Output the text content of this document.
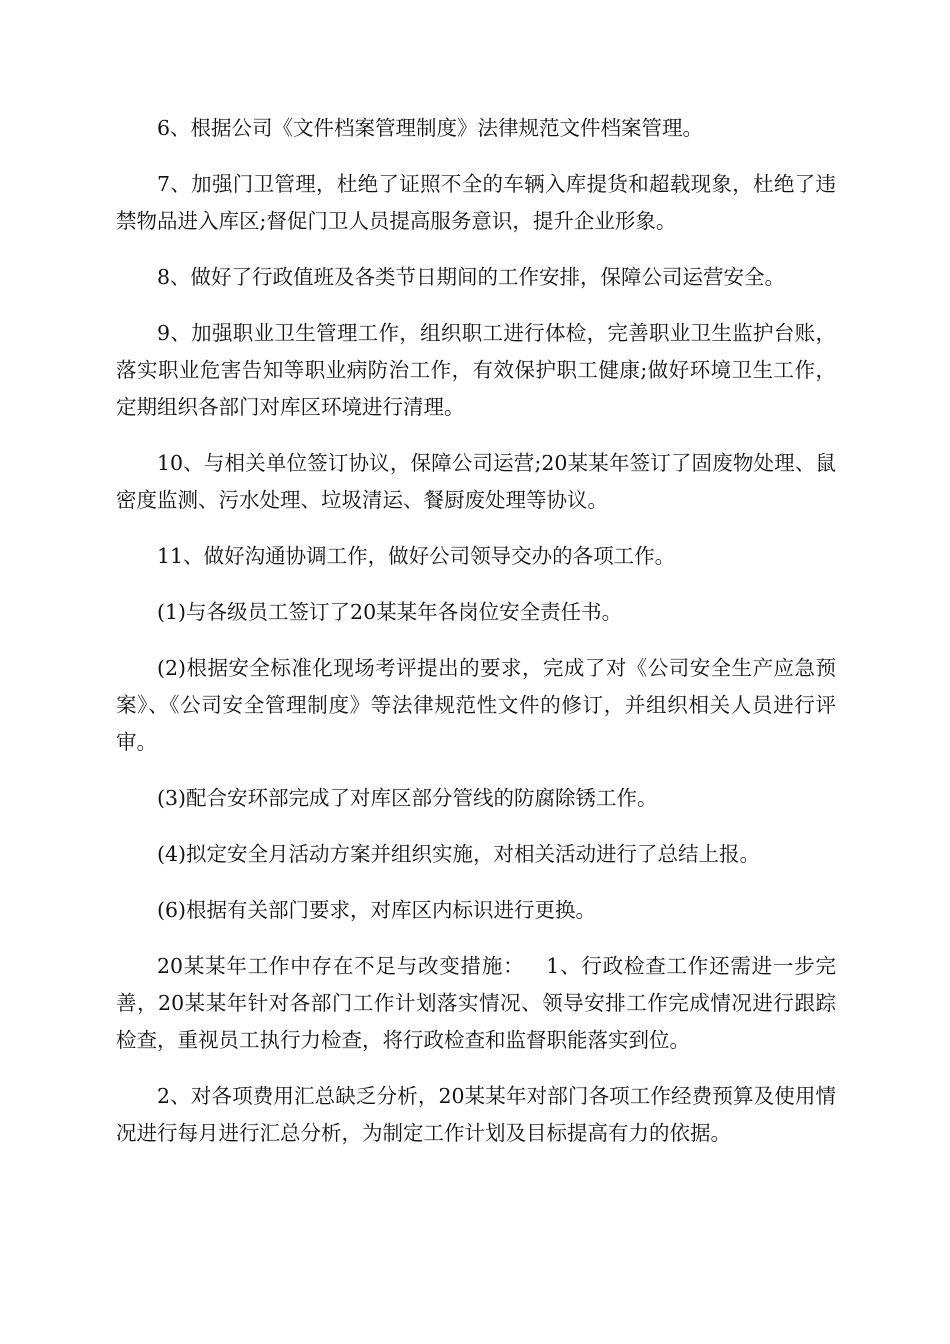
6、根据公司《文件档案管理制度》法律规范文件档案管理。

7、加强门卫管理，杜绝了证照不全的车辆入库提货和超载现象，杜绝了违禁物品进入库区;督促门卫人员提高服务意识，提升企业形象。

8、做好了行政值班及各类节日期间的工作安排，保障公司运营安全。

9、加强职业卫生管理工作，组织职工进行体检，完善职业卫生监护台账，落实职业危害告知等职业病防治工作，有效保护职工健康;做好环境卫生工作，定期组织各部门对库区环境进行清理。

10、与相关单位签订协议，保障公司运营;20某某年签订了固废物处理、鼠密度监测、污水处理、垃圾清运、餐厨废处理等协议。

11、做好沟通协调工作，做好公司领导交办的各项工作。

(1)与各级员工签订了20某某年各岗位安全责任书。

(2)根据安全标准化现场考评提出的要求，完成了对《公司安全生产应急预案》、《公司安全管理制度》等法律规范性文件的修订，并组织相关人员进行评审。

(3)配合安环部完成了对库区部分管线的防腐除锈工作。

(4)拟定安全月活动方案并组织实施，对相关活动进行了总结上报。

(6)根据有关部门要求，对库区内标识进行更换。

20某某年工作中存在不足与改变措施：   1、行政检查工作还需进一步完善，20某某年针对各部门工作计划落实情况、领导安排工作完成情况进行跟踪检查，重视员工执行力检查，将行政检查和监督职能落实到位。

2、对各项费用汇总缺乏分析，20某某年对部门各项工作经费预算及使用情况进行每月进行汇总分析，为制定工作计划及目标提高有力的依据。
